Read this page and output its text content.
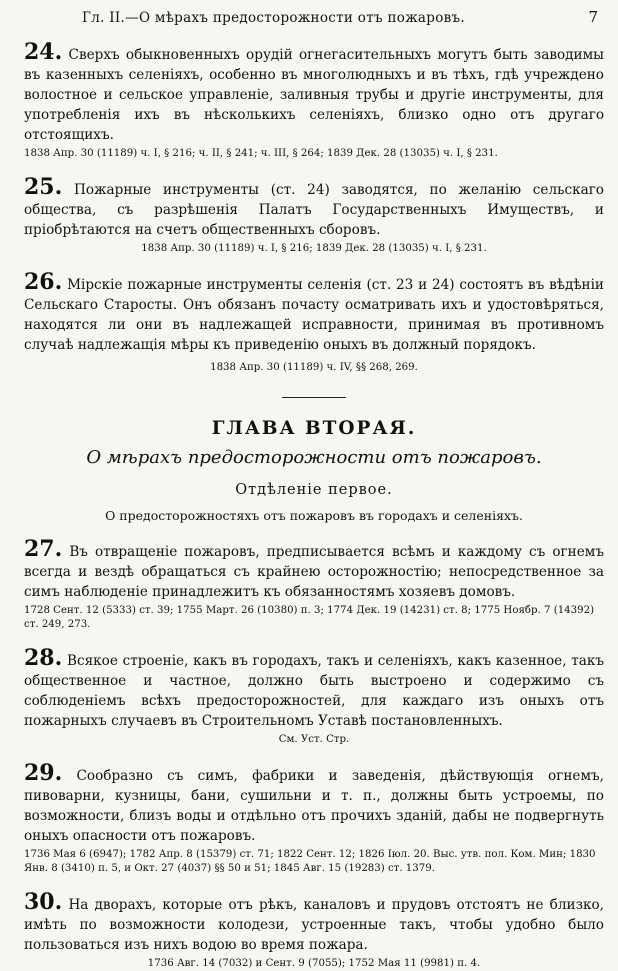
Гл. II.—О мѣрахъ предосторожности отъ пожаровъ.	7

24. Сверхъ обыкновенныхъ орудій огнегасительныхъ могутъ быть заводимы въ казенныхъ селеніяхъ, особенно въ многолюдныхъ и въ тѣхъ, гдѣ учреждено волостное и сельское управленіе, заливныя трубы и другіе инструменты, для употребленія ихъ въ нѣсколькихъ селеніяхъ, близко одно отъ другаго отстоящихъ.

1838 Апр. 30 (11189) ч. I, § 216; ч. II, § 241; ч. III, § 264; 1839 Дек. 28 (13035) ч. I, § 231.

25. Пожарные инструменты (ст. 24) заводятся, по желанію сельскаго общества, съ разрѣшенія Палатъ Государственныхъ Имуществъ, и пріобрѣтаются на счетъ общественныхъ сборовъ.

1838 Апр. 30 (11189) ч. I, § 216; 1839 Дек. 28 (13035) ч. I, § 231.

26. Мірскіе пожарные инструменты селенія (ст. 23 и 24) состоятъ въ вѣдѣніи Сельскаго Старосты. Онъ обязанъ почасту осматривать ихъ и удостовѣряться, находятся ли они въ надлежащей исправности, принимая въ противномъ случаѣ надлежащія мѣры къ приведенію оныхъ въ должный порядокъ.

1838 Апр. 30 (11189) ч. IV, §§ 268, 269.
ГЛАВА ВТОРАЯ.
О мѣрахъ предосторожности отъ пожаровъ.
Отдѣленіе первое.
О предосторожностяхъ отъ пожаровъ въ городахъ и селеніяхъ.

27. Въ отвращеніе пожаровъ, предписывается всѣмъ и каждому съ огнемъ всегда и вездѣ обращаться съ крайнею осторожностію; непосредственное за симъ наблюденіе принадлежитъ къ обязанностямъ хозяевъ домовъ.

1728 Сент. 12 (5333) ст. 39; 1755 Март. 26 (10380) п. 3; 1774 Дек. 19 (14231) ст. 8; 1775 Ноябр. 7 (14392) ст. 249, 273.

28. Всякое строеніе, какъ въ городахъ, такъ и селеніяхъ, какъ казенное, такъ общественное и частное, должно быть выстроено и содержимо съ соблюденіемъ всѣхъ предосторожностей, для каждаго изъ оныхъ отъ пожарныхъ случаевъ въ Строительномъ Уставѣ постановленныхъ.

См. Уст. Стр.

29. Сообразно съ симъ, фабрики и заведенія, дѣйствующія огнемъ, пивоварни, кузницы, бани, сушильни и т. п., должны быть устроемы, по возможности, близъ воды и отдѣльно отъ прочихъ зданій, дабы не подвергнуть оныхъ опасности отъ пожаровъ.

1736 Мая 6 (6947); 1782 Апр. 8 (15379) ст. 71; 1822 Сент. 12; 1826 Іюл. 20. Выс. утв. пол. Ком. Мин; 1830 Янв. 8 (3410) п. 5, и Окт. 27 (4037) §§ 50 и 51; 1845 Авг. 15 (19283) ст. 1379.

30. На дворахъ, которые отъ рѣкъ, каналовъ и прудовъ отстоятъ не близко, имѣть по возможности колодези, устроенные такъ, чтобы удобно было пользоваться изъ нихъ водою во время пожара.

1736 Авг. 14 (7032) и Сент. 9 (7055); 1752 Мая 11 (9981) п. 4.
